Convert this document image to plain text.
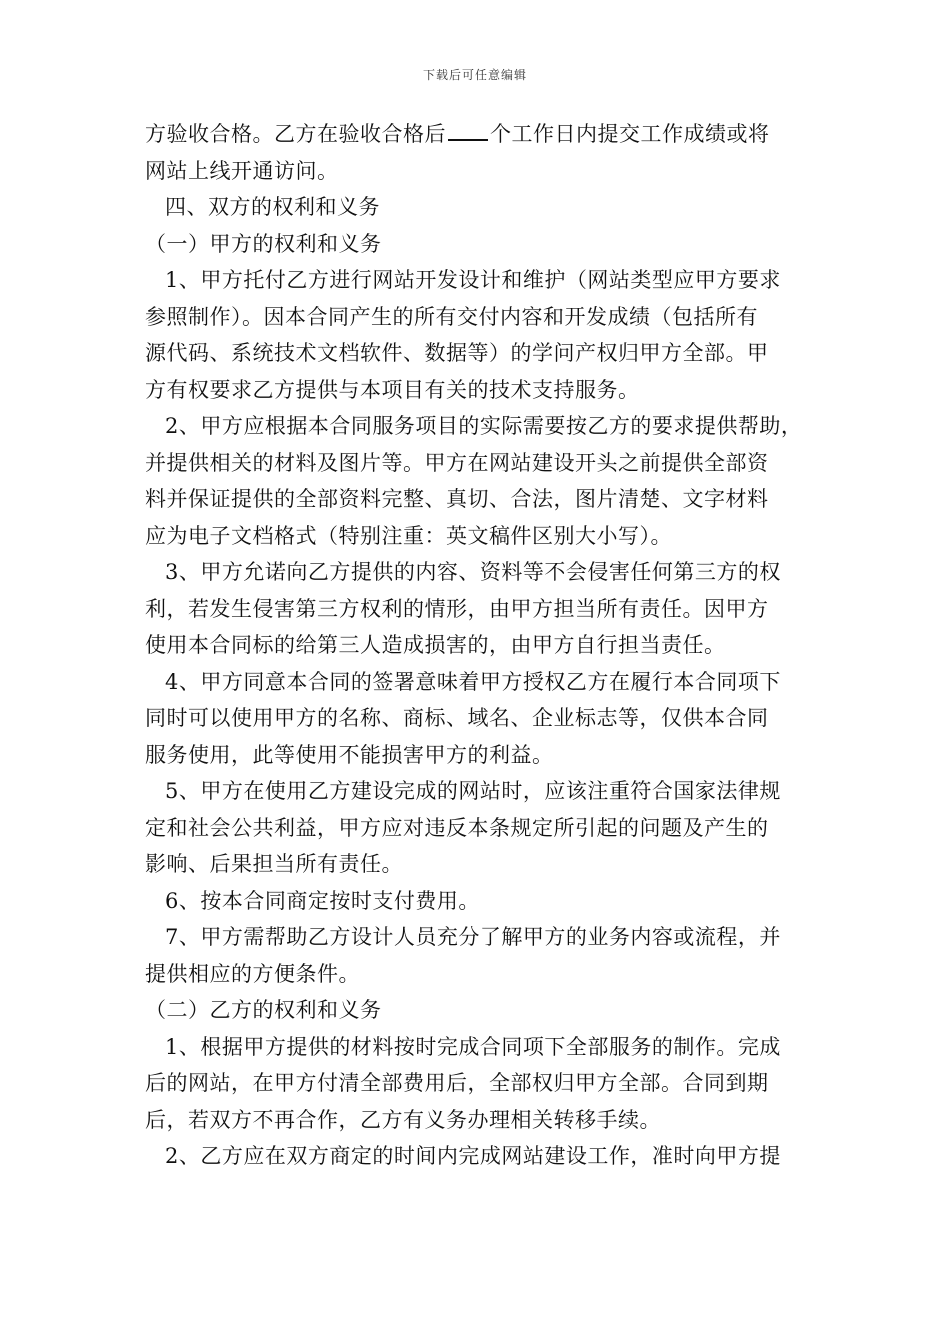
下载后可任意编辑
方验收合格。乙方在验收合格后 个工作日内提交工作成绩或将
网站上线开通访问。
四、双方的权利和义务
（一）甲方的权利和义务
1、甲方托付乙方进行网站开发设计和维护（网站类型应甲方要求
参照制作）。因本合同产生的所有交付内容和开发成绩（包括所有
源代码、系统技术文档软件、数据等）的学问产权归甲方全部。甲
方有权要求乙方提供与本项目有关的技术支持服务。
2、甲方应根据本合同服务项目的实际需要按乙方的要求提供帮助，
并提供相关的材料及图片等。甲方在网站建设开头之前提供全部资
料并保证提供的全部资料完整、真切、合法，图片清楚、文字材料
应为电子文档格式（特别注重：英文稿件区别大小写）。
3、甲方允诺向乙方提供的内容、资料等不会侵害任何第三方的权
利，若发生侵害第三方权利的情形，由甲方担当所有责任。因甲方
使用本合同标的给第三人造成损害的，由甲方自行担当责任。
4、甲方同意本合同的签署意味着甲方授权乙方在履行本合同项下
同时可以使用甲方的名称、商标、域名、企业标志等，仅供本合同
服务使用，此等使用不能损害甲方的利益。
5、甲方在使用乙方建设完成的网站时，应该注重符合国家法律规
定和社会公共利益，甲方应对违反本条规定所引起的问题及产生的
影响、后果担当所有责任。
6、按本合同商定按时支付费用。
7、甲方需帮助乙方设计人员充分了解甲方的业务内容或流程，并
提供相应的方便条件。
（二）乙方的权利和义务
1、根据甲方提供的材料按时完成合同项下全部服务的制作。完成
后的网站，在甲方付清全部费用后，全部权归甲方全部。合同到期
后，若双方不再合作，乙方有义务办理相关转移手续。
2、乙方应在双方商定的时间内完成网站建设工作，准时向甲方提
